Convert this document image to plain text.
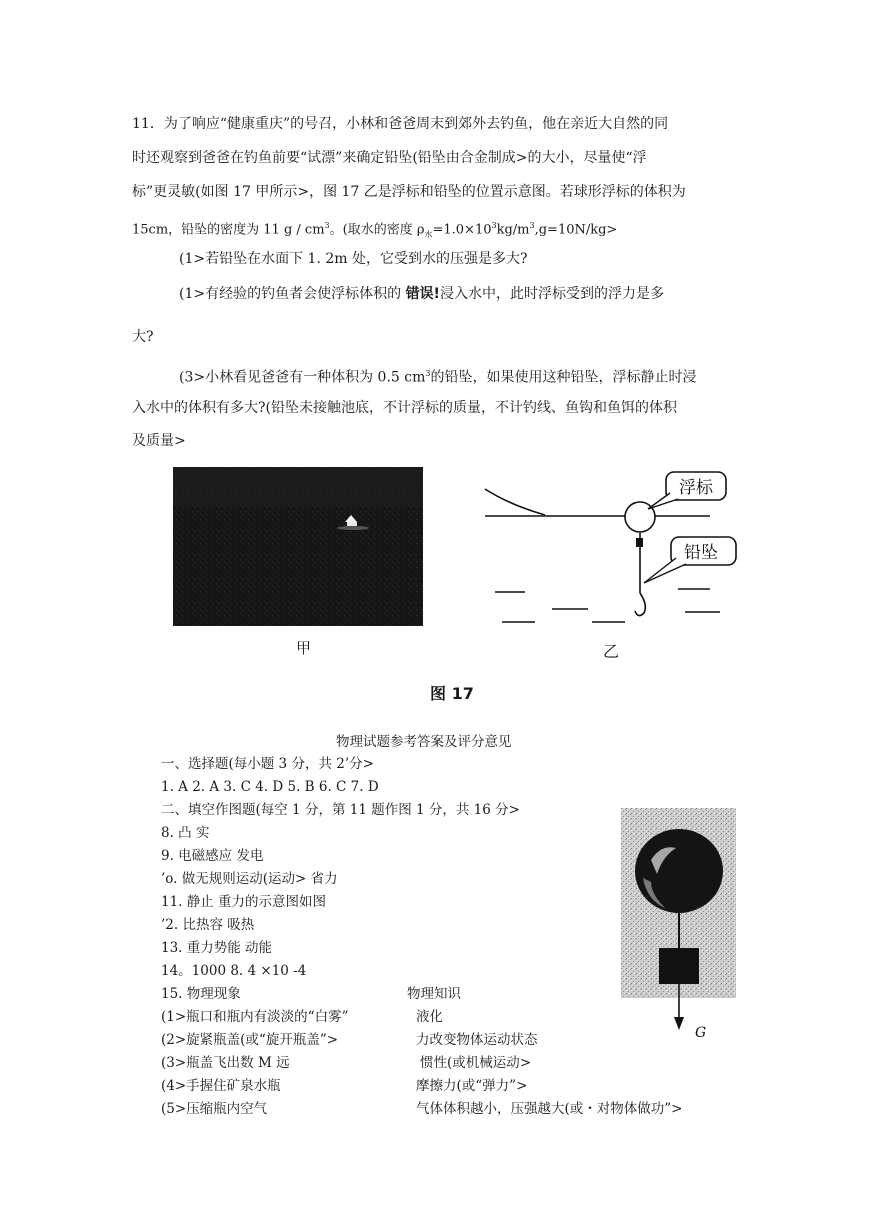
11．为了响应“健康重庆”的号召，小林和爸爸周末到郊外去钓鱼，他在亲近大自然的同
时还观察到爸爸在钓鱼前要“试漂”来确定铅坠(铅坠由合金制成>的大小，尽量使“浮
标”更灵敏(如图 17 甲所示>，图 17 乙是浮标和铅坠的位置示意图。若球形浮标的体积为
15cm，铅坠的密度为 11 g / $cm^3$。(取水的密度 $\rho_水=1.0\times 10^3kg/m^3,g=10N/kg>$
(1>若铅坠在水面下 1. 2m 处，它受到水的压强是多大?
(1>有经验的钓鱼者会使浮标体积的 错误!浸入水中，此时浮标受到的浮力是多
大?
(3>小林看见爸爸有一种体积为 0.5 $cm^3$的铅坠，如果使用这种铅坠，浮标静止时浸
入水中的体积有多大?(铅坠未接触池底，不计浮标的质量，不计钓线、鱼钩和鱼饵的体积
及质量>
甲
浮标
铅坠
乙
图 17
物理试题参考答案及评分意见
一、选择题(每小题 3 分，共 2’分>
1. A 2. A 3. C 4. D 5. B 6. C 7. D
二、填空作图题(每空 1 分，第 11 题作图 1 分，共 16 分>
8. 凸 实
9. 电磁感应 发电
’o. 做无规则运动(运动> 省力
11. 静止 重力的示意图如图
’2. 比热容 吸热
13. 重力势能 动能
14。1000 8. 4 ×10 -4
15. 物理现象	物理知识
(1>瓶口和瓶内有淡淡的“白雾”	液化
(2>旋紧瓶盖(或“旋开瓶盖”>	力改变物体运动状态
(3>瓶盖飞出数 M 远	惯性(或机械运动>
(4>手握住矿泉水瓶	摩擦力(或“弹力”>
(5>压缩瓶内空气	气体体积越小，压强越大(或・对物体做功”>
G
